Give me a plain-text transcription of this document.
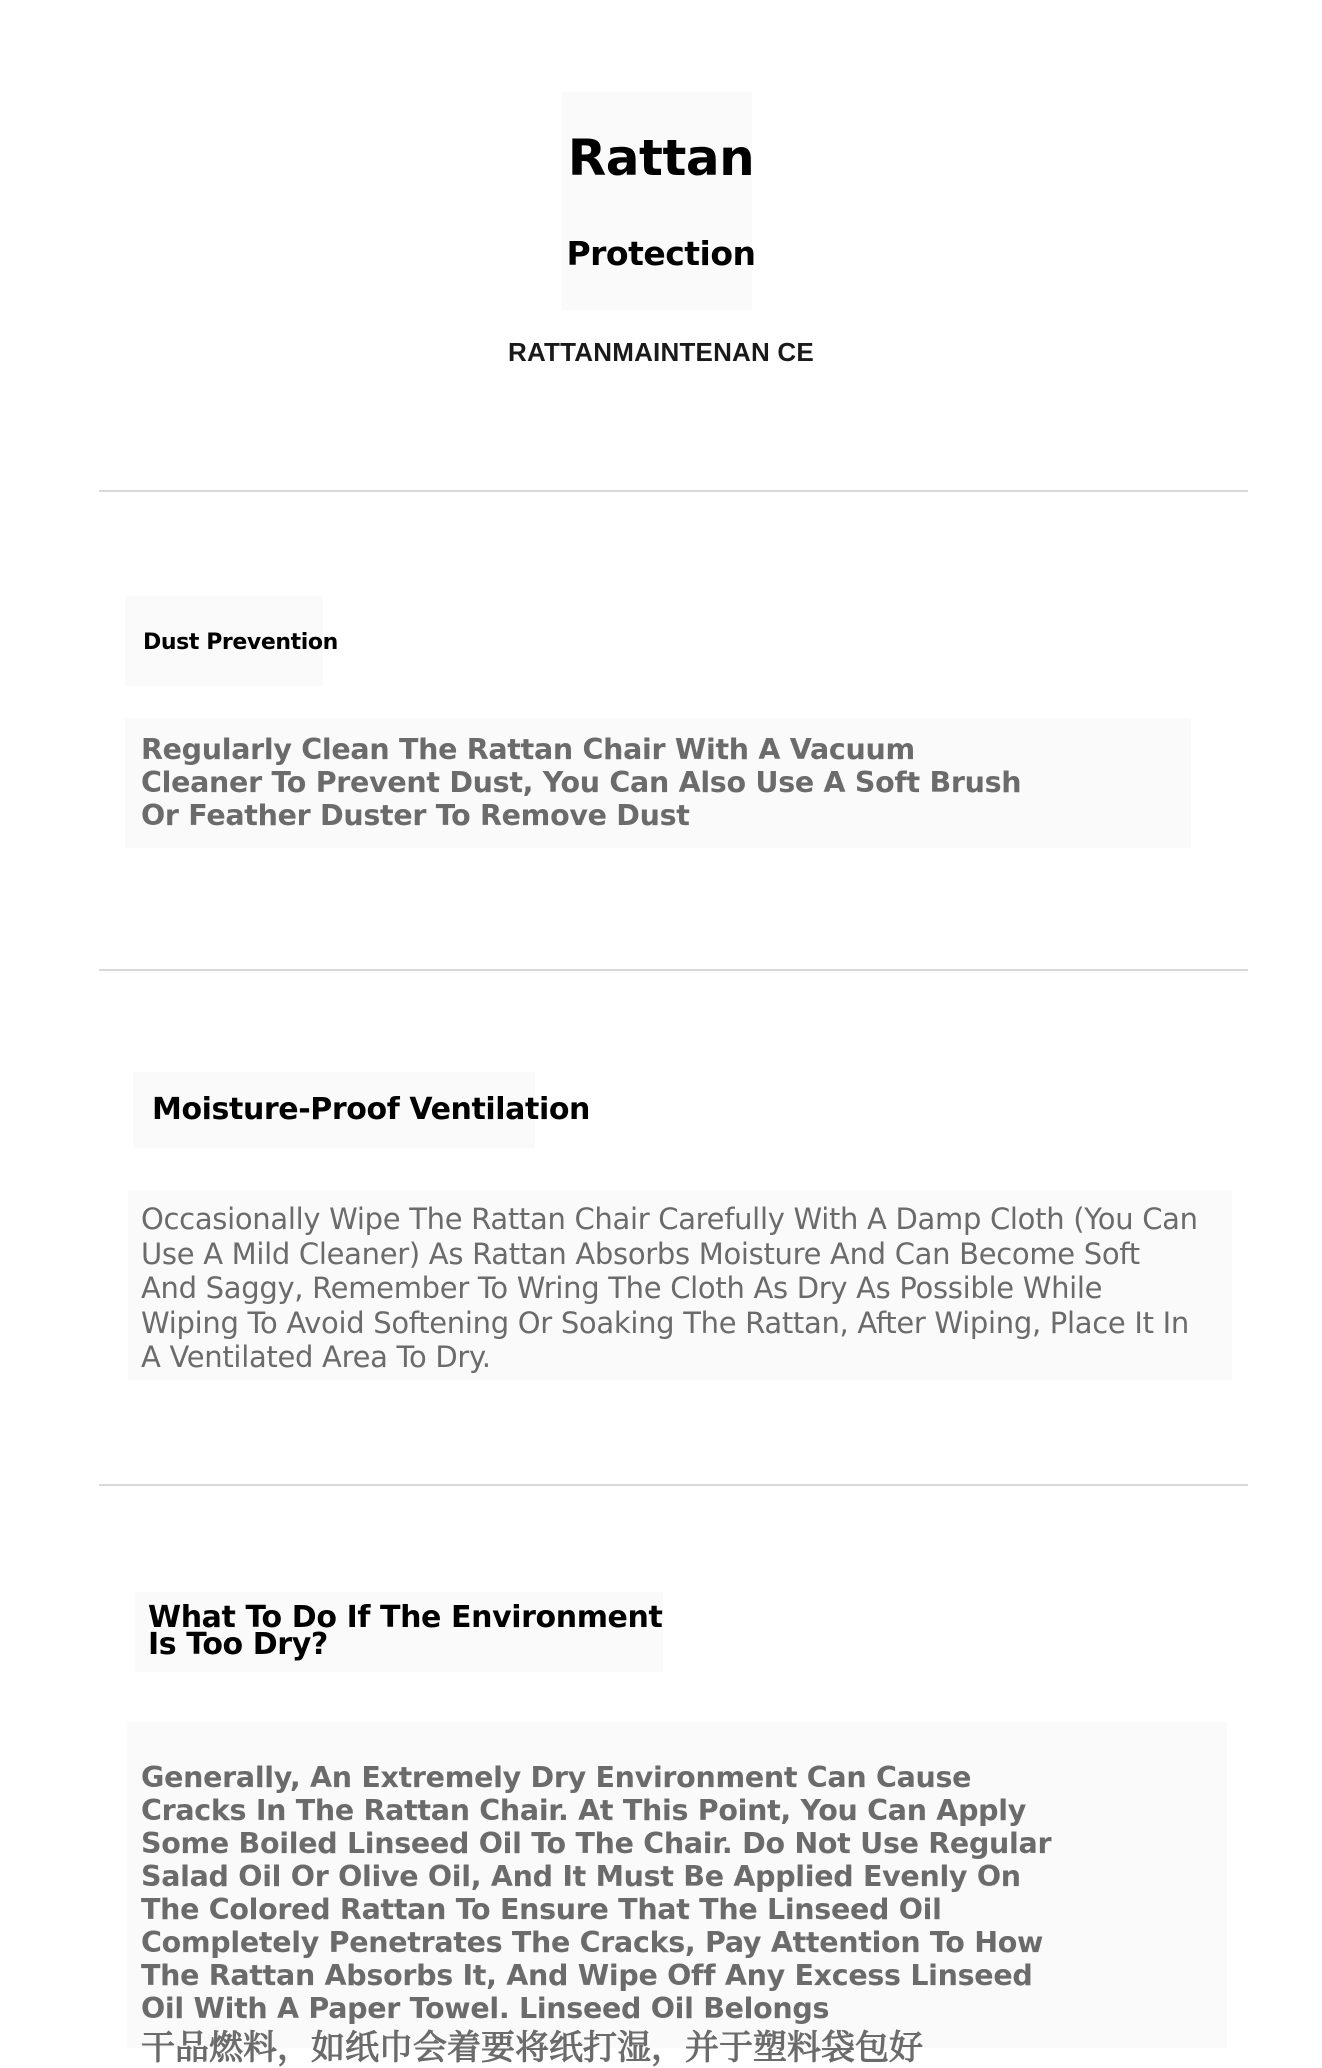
Rattan
Protection
RATTANMAINTENAN CE
Dust Prevention
Regularly Clean The Rattan Chair With A Vacuum Cleaner To Prevent Dust, You Can Also Use A Soft Brush Or Feather Duster To Remove Dust
Moisture-Proof Ventilation
Occasionally Wipe The Rattan Chair Carefully With A Damp Cloth (You Can Use A Mild Cleaner) As Rattan Absorbs Moisture And Can Become Soft And Saggy, Remember To Wring The Cloth As Dry As Possible While Wiping To Avoid Softening Or Soaking The Rattan, After Wiping, Place It In A Ventilated Area To Dry.
What To Do If The Environment Is Too Dry?
Generally, An Extremely Dry Environment Can Cause Cracks In The Rattan Chair. At This Point, You Can Apply Some Boiled Linseed Oil To The Chair. Do Not Use Regular Salad Oil Or Olive Oil, And It Must Be Applied Evenly On The Colored Rattan To Ensure That The Linseed Oil Completely Penetrates The Cracks, Pay Attention To How The Rattan Absorbs It, And Wipe Off Any Excess Linseed Oil With A Paper Towel. Linseed Oil Belongs
干品燃料，如纸巾会着要将纸打湿，并于塑料袋包好
